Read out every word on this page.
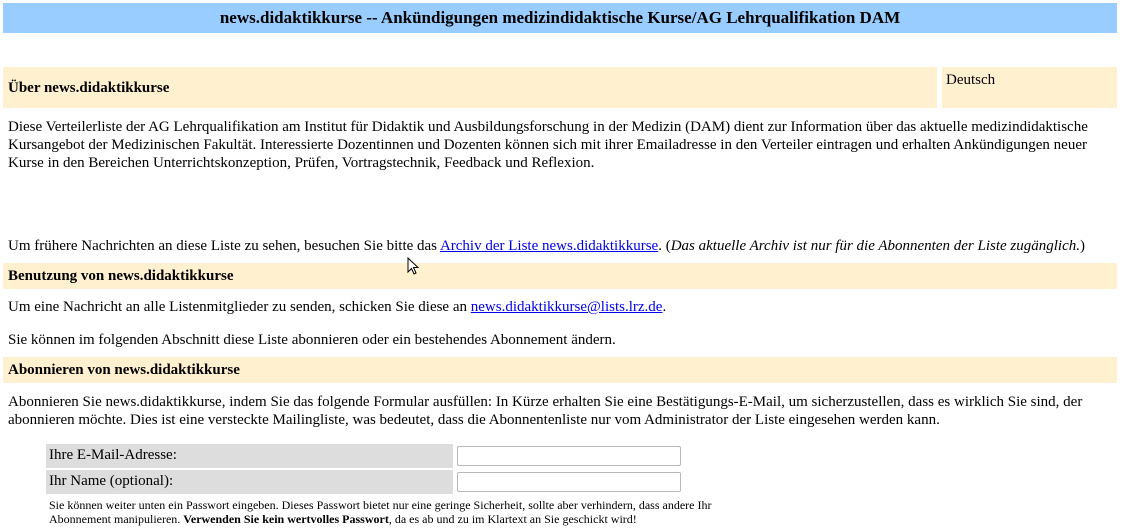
news.didaktikkurse -- Ankündigungen medizindidaktische Kurse/AG Lehrqualifikation DAM
Über news.didaktikkurse	Deutsch
Diese Verteilerliste der AG Lehrqualifikation am Institut für Didaktik und Ausbildungsforschung in der Medizin (DAM) dient zur Information über das aktuelle medizindidaktische Kursangebot der Medizinischen Fakultät. Interessierte Dozentinnen und Dozenten können sich mit ihrer Emailadresse in den Verteiler eintragen und erhalten Ankündigungen neuer Kurse in den Bereichen Unterrichtskonzeption, Prüfen, Vortragstechnik, Feedback und Reflexion.
Um frühere Nachrichten an diese Liste zu sehen, besuchen Sie bitte das Archiv der Liste news.didaktikkurse. (Das aktuelle Archiv ist nur für die Abonnenten der Liste zugänglich.)
Benutzung von news.didaktikkurse
Um eine Nachricht an alle Listenmitglieder zu senden, schicken Sie diese an news.didaktikkurse@lists.lrz.de.
Sie können im folgenden Abschnitt diese Liste abonnieren oder ein bestehendes Abonnement ändern.
Abonnieren von news.didaktikkurse
Abonnieren Sie news.didaktikkurse, indem Sie das folgende Formular ausfüllen: In Kürze erhalten Sie eine Bestätigungs-E-Mail, um sicherzustellen, dass es wirklich Sie sind, der abonnieren möchte. Dies ist eine versteckte Mailingliste, was bedeutet, dass die Abonnentenliste nur vom Administrator der Liste eingesehen werden kann.
Ihre E-Mail-Adresse:
Ihr Name (optional):
Sie können weiter unten ein Passwort eingeben. Dieses Passwort bietet nur eine geringe Sicherheit, sollte aber verhindern, dass andere Ihr Abonnement manipulieren. Verwenden Sie kein wertvolles Passwort, da es ab und zu im Klartext an Sie geschickt wird!
